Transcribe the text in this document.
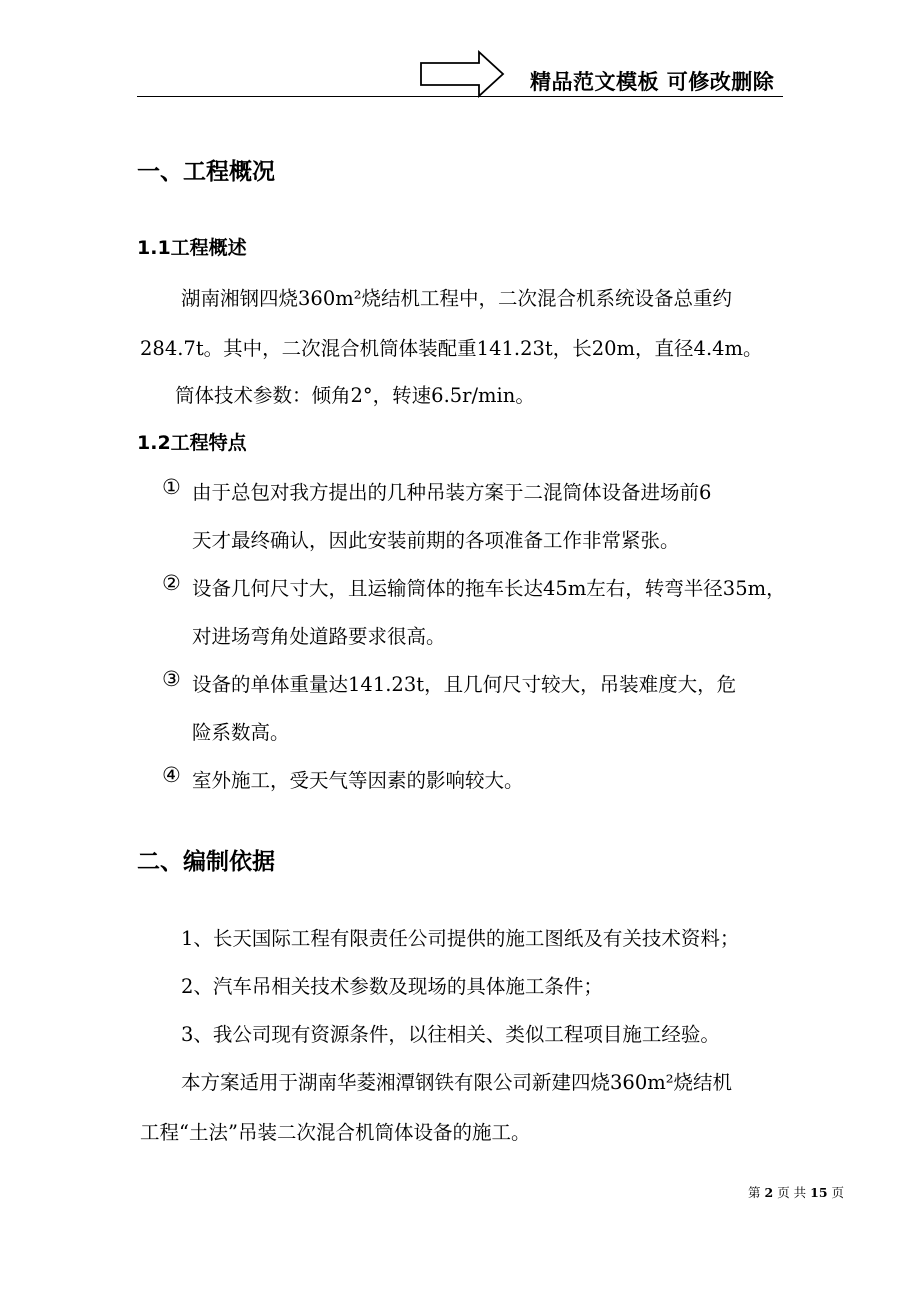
精品范文模板 可修改删除
一、工程概况
1.1工程概述
湖南湘钢四烧360m²烧结机工程中，二次混合机系统设备总重约
284.7t。其中，二次混合机筒体装配重141.23t，长20m，直径4.4m。
筒体技术参数：倾角2°，转速6.5r/min。
1.2工程特点
① 由于总包对我方提出的几种吊装方案于二混筒体设备进场前6
天才最终确认，因此安装前期的各项准备工作非常紧张。
② 设备几何尺寸大，且运输筒体的拖车长达45m左右，转弯半径35m，
对进场弯角处道路要求很高。
③ 设备的单体重量达141.23t，且几何尺寸较大，吊装难度大，危
险系数高。
④ 室外施工，受天气等因素的影响较大。
二、编制依据
1、长天国际工程有限责任公司提供的施工图纸及有关技术资料；
2、汽车吊相关技术参数及现场的具体施工条件；
3、我公司现有资源条件，以往相关、类似工程项目施工经验。
本方案适用于湖南华菱湘潭钢铁有限公司新建四烧360m²烧结机
工程“土法”吊装二次混合机筒体设备的施工。
第 2 页 共 15 页
